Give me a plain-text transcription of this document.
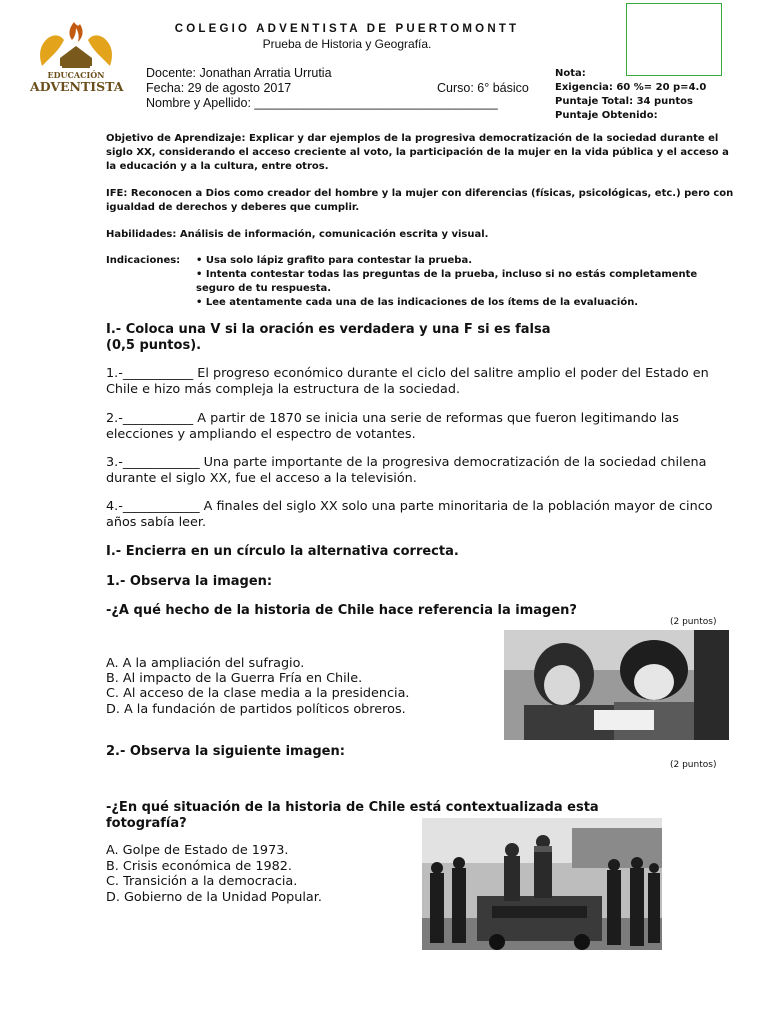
EDUCACIÓN
ADVENTISTA
COLEGIO ADVENTISTA DE PUERTOMONTT
Prueba de Historia y Geografía.
Docente: Jonathan Arratia Urrutia
Fecha: 29 de agosto 2017	Curso: 6° básico
Nombre y Apellido: ___________________________________
Nota:
Exigencia: 60 %= 20 p=4.0
Puntaje Total: 34 puntos
Puntaje Obtenido:
Objetivo de Aprendizaje: Explicar y dar ejemplos de la progresiva democratización de la sociedad durante el siglo XX, considerando el acceso creciente al voto, la participación de la mujer en la vida pública y el acceso a la educación y a la cultura, entre otros.
IFE: Reconocen a Dios como creador del hombre y la mujer con diferencias (físicas, psicológicas, etc.) pero con igualdad de derechos y deberes que cumplir.
Habilidades: Análisis de información, comunicación escrita y visual.
Indicaciones: • Usa solo lápiz grafito para contestar la prueba.
• Intenta contestar todas las preguntas de la prueba, incluso si no estás completamente seguro de tu respuesta.
• Lee atentamente cada una de las indicaciones de los ítems de la evaluación.
I.- Coloca una V si la oración es verdadera y una F si es falsa
(0,5 puntos).
1.-___________ El progreso económico durante el ciclo del salitre amplio el poder del Estado en Chile e hizo más compleja la estructura de la sociedad.
2.-___________ A partir de 1870 se inicia una serie de reformas que fueron legitimando las elecciones y ampliando el espectro de votantes.
3.-____________ Una parte importante de la progresiva democratización de la sociedad chilena durante el siglo XX, fue el acceso a la televisión.
4.-____________ A finales del siglo XX solo una parte minoritaria de la población mayor de cinco años sabía leer.
I.- Encierra en un círculo la alternativa correcta.
1.- Observa la imagen:
-¿A qué hecho de la historia de Chile hace referencia la imagen?
(2 puntos)
A. A la ampliación del sufragio.
B. Al impacto de la Guerra Fría en Chile.
C. Al acceso de la clase media a la presidencia.
D. A la fundación de partidos políticos obreros.
2.- Observa la siguiente imagen:
(2 puntos)
-¿En qué situación de la historia de Chile está contextualizada esta
fotografía?
A. Golpe de Estado de 1973.
B. Crisis económica de 1982.
C. Transición a la democracia.
D. Gobierno de la Unidad Popular.
